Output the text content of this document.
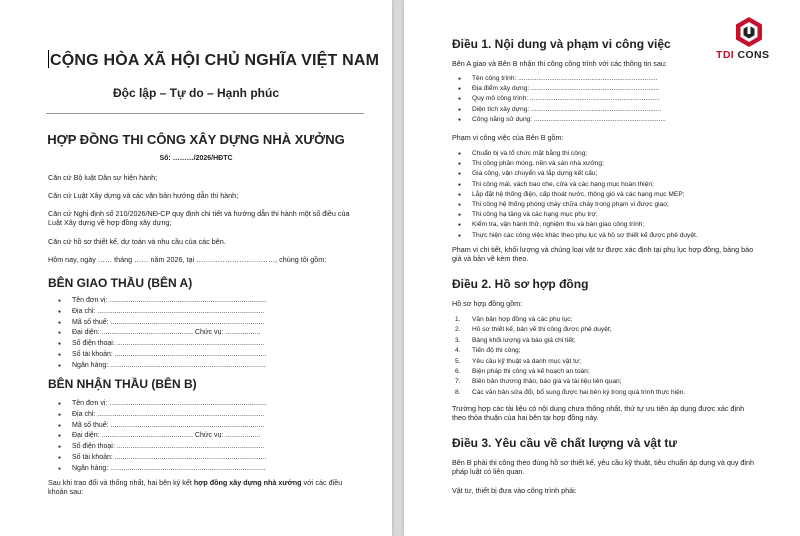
CỘNG HÒA XÃ HỘI CHỦ NGHĨA VIỆT NAM
Độc lập – Tự do – Hạnh phúc
HỢP ĐỒNG THI CÔNG XÂY DỰNG NHÀ XƯỞNG
Số: ………/2026/HĐTC
Căn cứ Bộ luật Dân sự hiện hành;
Căn cứ Luật Xây dựng và các văn bản hướng dẫn thi hành;
Căn cứ Nghị định số 210/2026/NĐ-CP quy định chi tiết và hướng dẫn thi hành một số điều của Luật Xây dựng về hợp đồng xây dựng;
Căn cứ hồ sơ thiết kế, dự toán và nhu cầu của các bên.
Hôm nay, ngày …… tháng …… năm 2026, tại ……………………………, chúng tôi gồm:
BÊN GIAO THẦU (BÊN A)
● Tên đơn vị: .................................................................................
● Địa chỉ: ......................................................................................
● Mã số thuế: ...............................................................................
● Đại diện: ............................................... Chức vụ: ..................
● Số điện thoại: ............................................................................
● Số tài khoản: ..............................................................................
● Ngân hàng: ................................................................................
BÊN NHẬN THẦU (BÊN B)
● Tên đơn vị: .................................................................................
● Địa chỉ: ......................................................................................
● Mã số thuế: ...............................................................................
● Đại diện: ............................................... Chức vụ: ..................
● Số điện thoại: ............................................................................
● Số tài khoản: ..............................................................................
● Ngân hàng: ................................................................................
Sau khi trao đổi và thống nhất, hai bên ký kết hợp đồng xây dựng nhà xưởng với các điều khoản sau:
TDI CONS
Điều 1. Nội dung và phạm vi công việc
Bên A giao và Bên B nhận thi công công trình với các thông tin sau:
● Tên công trình: ............................................................................
● Địa điểm xây dựng: ......................................................................
● Quy mô công trình: .......................................................................
● Diện tích xây dựng: .......................................................................
● Công năng sử dụng: ........................................................................
Phạm vi công việc của Bên B gồm:
● Chuẩn bị và tổ chức mặt bằng thi công;
● Thi công phần móng, nền và sàn nhà xưởng;
● Gia công, vận chuyển và lắp dựng kết cấu;
● Thi công mái, vách bao che, cửa và các hạng mục hoàn thiện;
● Lắp đặt hệ thống điện, cấp thoát nước, thông gió và các hạng mục MEP;
● Thi công hệ thống phòng cháy chữa cháy trong phạm vi được giao;
● Thi công hạ tầng và các hạng mục phụ trợ;
● Kiểm tra, vận hành thử, nghiệm thu và bàn giao công trình;
● Thực hiện các công việc khác theo phụ lục và hồ sơ thiết kế được phê duyệt.
Phạm vi chi tiết, khối lượng và chủng loại vật tư được xác định tại phụ lục hợp đồng, bảng báo giá và bản vẽ kèm theo.
Điều 2. Hồ sơ hợp đồng
Hồ sơ hợp đồng gồm:
1. Văn bản hợp đồng và các phụ lục;
2. Hồ sơ thiết kế, bản vẽ thi công được phê duyệt;
3. Bảng khối lượng và báo giá chi tiết;
4. Tiến độ thi công;
5. Yêu cầu kỹ thuật và danh mục vật tư;
6. Biện pháp thi công và kế hoạch an toàn;
7. Biên bản thương thảo, báo giá và tài liệu liên quan;
8. Các văn bản sửa đổi, bổ sung được hai bên ký trong quá trình thực hiện.
Trường hợp các tài liệu có nội dung chưa thống nhất, thứ tự ưu tiên áp dụng được xác định theo thỏa thuận của hai bên tại hợp đồng này.
Điều 3. Yêu cầu về chất lượng và vật tư
Bên B phải thi công theo đúng hồ sơ thiết kế, yêu cầu kỹ thuật, tiêu chuẩn áp dụng và quy định pháp luật có liên quan.
Vật tư, thiết bị đưa vào công trình phải:
